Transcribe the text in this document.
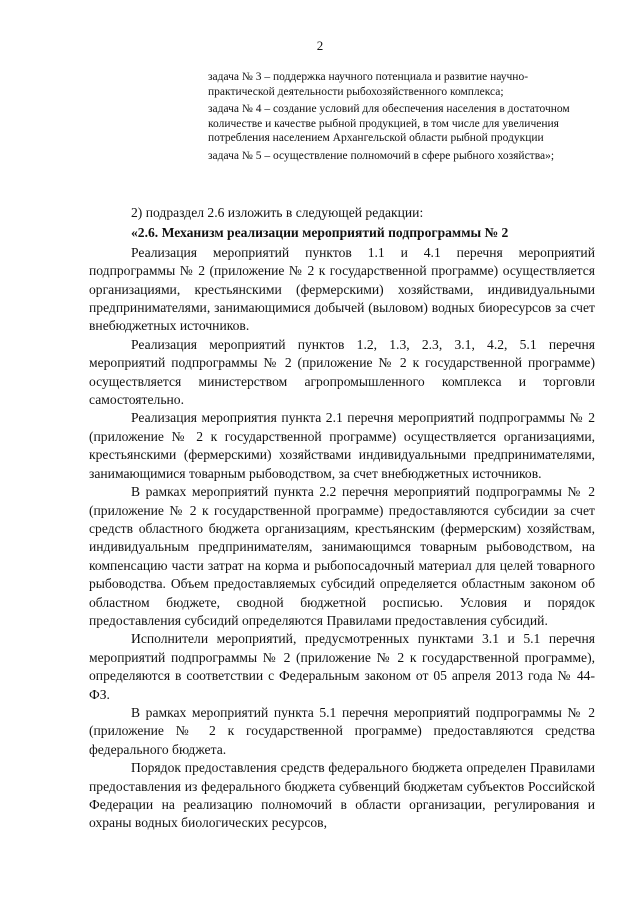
2

задача № 3 – поддержка научного потенциала и развитие научно-практической деятельности рыбохозяйственного комплекса;

задача № 4 – создание условий для обеспечения населения в достаточном количестве и качестве рыбной продукцией, в том числе для увеличения потребления населением Архангельской области рыбной продукции

задача № 5 – осуществление полномочий в сфере рыбного хозяйства»;

2) подраздел 2.6 изложить в следующей редакции:

«2.6. Механизм реализации мероприятий подпрограммы № 2

Реализация мероприятий пунктов 1.1 и 4.1 перечня мероприятий подпрограммы № 2 (приложение № 2 к государственной программе) осуществляется организациями, крестьянскими (фермерскими) хозяйствами, индивидуальными предпринимателями, занимающимися добычей (выловом) водных биоресурсов за счет внебюджетных источников.

Реализация мероприятий пунктов 1.2, 1.3, 2.3, 3.1, 4.2, 5.1 перечня мероприятий подпрограммы № 2 (приложение № 2 к государственной программе) осуществляется министерством агропромышленного комплекса и торговли самостоятельно.

Реализация мероприятия пункта 2.1 перечня мероприятий подпрограммы № 2 (приложение № 2 к государственной программе) осуществляется организациями, крестьянскими (фермерскими) хозяйствами индивидуальными предпринимателями, занимающимися товарным рыбоводством, за счет внебюджетных источников.

В рамках мероприятий пункта 2.2 перечня мероприятий подпрограммы № 2 (приложение № 2 к государственной программе) предоставляются субсидии за счет средств областного бюджета организациям, крестьянским (фермерским) хозяйствам, индивидуальным предпринимателям, занимающимся товарным рыбоводством, на компенсацию части затрат на корма и рыбопосадочный материал для целей товарного рыбоводства. Объем предоставляемых субсидий определяется областным законом об областном бюджете, сводной бюджетной росписью. Условия и порядок предоставления субсидий определяются Правилами предоставления субсидий.

Исполнители мероприятий, предусмотренных пунктами 3.1 и 5.1 перечня мероприятий подпрограммы № 2 (приложение № 2 к государственной программе), определяются в соответствии с Федеральным законом от 05 апреля 2013 года № 44-ФЗ.

В рамках мероприятий пункта 5.1 перечня мероприятий подпрограммы № 2 (приложение № 2 к государственной программе) предоставляются средства федерального бюджета.

Порядок предоставления средств федерального бюджета определен Правилами предоставления из федерального бюджета субвенций бюджетам субъектов Российской Федерации на реализацию полномочий в области организации, регулирования и охраны водных биологических ресурсов,
